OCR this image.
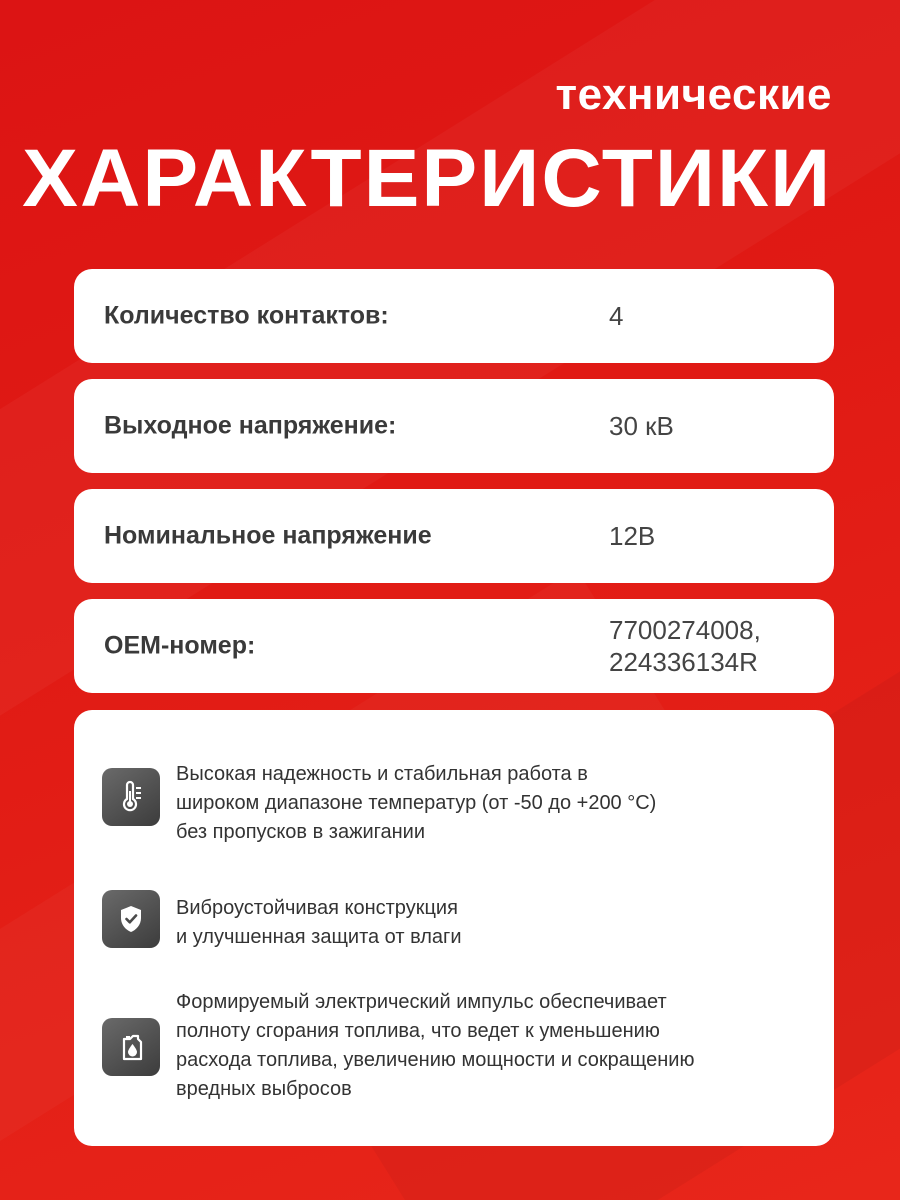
технические
ХАРАКТЕРИСТИКИ
Количество контактов:	4
Выходное напряжение:	30 кВ
Номинальное напряжение	12В
OEM-номер:
7700274008,
224336134R

Высокая надежность и стабильная работа в
широком диапазоне температур (от -50 до +200 °C)
без пропусков в зажигании

Виброустойчивая конструкция
и улучшенная защита от влаги

Формируемый электрический импульс обеспечивает
полноту сгорания топлива, что ведет к уменьшению
расхода топлива, увеличению мощности и сокращению
вредных выбросов
